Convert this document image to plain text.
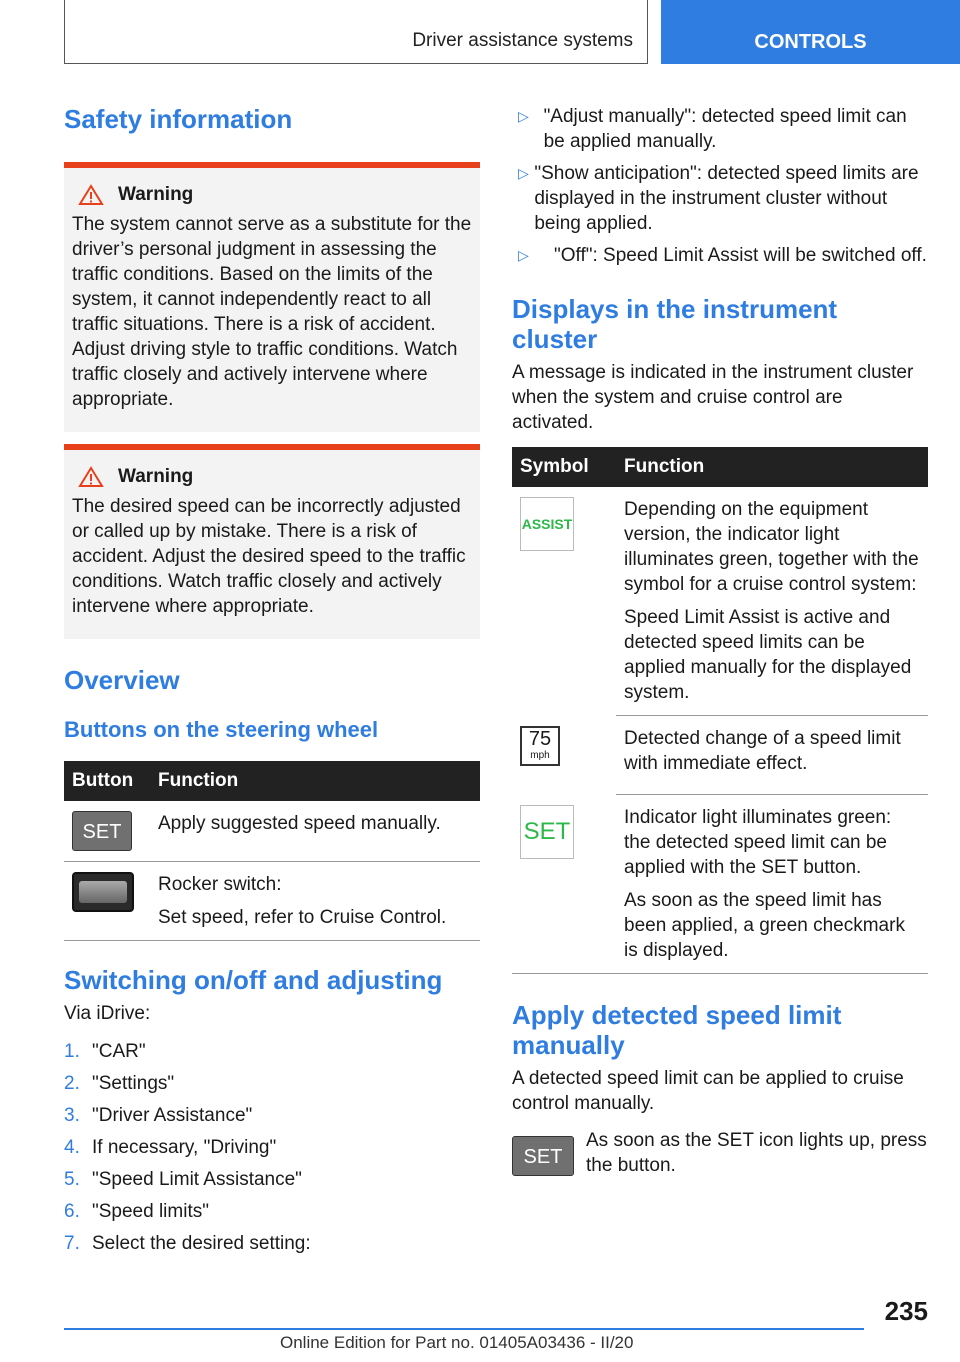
Driver assistance systems	CONTROLS
Safety information
Warning
The system cannot serve as a substitute for the driver’s personal judgment in assessing the traffic conditions. Based on the limits of the system, it cannot independently react to all traffic situations. There is a risk of accident. Adjust driving style to traffic conditions. Watch traffic closely and actively intervene where appropriate.
Warning
The desired speed can be incorrectly adjusted or called up by mistake. There is a risk of accident. Adjust the desired speed to the traffic conditions. Watch traffic closely and actively intervene where appropriate.
Overview
Buttons on the steering wheel
Button	Function
SET	Apply suggested speed manually.

	Rocker switch:
Set speed, refer to Cruise Control.
Switching on/off and adjusting

Via iDrive:

1. "CAR"
2. "Settings"
3. "Driver Assistance"
4. If necessary, "Driving"
5. "Speed Limit Assistance"
6. "Speed limits"
7. Select the desired setting:
▷ "Adjust manually": detected speed limit can be applied manually.
▷ "Show anticipation": detected speed limits are displayed in the instrument cluster without being applied.
▷	"Off": Speed Limit Assist will be switched off.
Displays in the instrument cluster

A message is indicated in the instrument cluster when the system and cruise control are activated.

Symbol	Function
ASSIST	Depending on the equipment version, the indicator light illuminates green, together with the symbol for a cruise control system:
Speed Limit Assist is active and detected speed limits can be applied manually for the displayed system.

75
mph	Detected change of a speed limit with immediate effect.
SET	Indicator light illuminates green: the detected speed limit can be applied with the SET button.
As soon as the speed limit has been applied, a green checkmark is displayed.
Apply detected speed limit manually

A detected speed limit can be applied to cruise control manually.

SET

As soon as the SET icon lights up, press the button.

235
Online Edition for Part no. 01405A03436 - II/20
